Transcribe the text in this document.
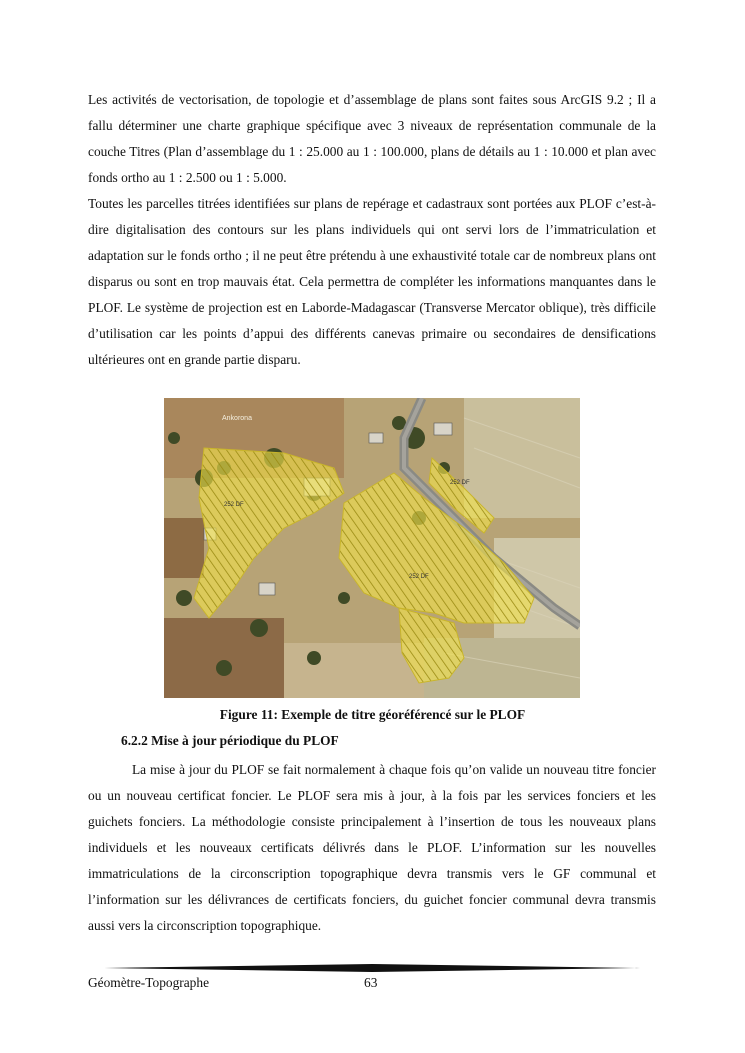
Les activités de vectorisation, de topologie et d’assemblage de plans sont faites sous ArcGIS 9.2 ; Il a fallu déterminer une charte graphique spécifique avec 3 niveaux de représentation communale de la couche Titres (Plan d’assemblage du 1 : 25.000 au 1 : 100.000, plans de détails au 1 : 10.000 et plan avec fonds ortho au 1 : 2.500 ou 1 : 5.000.

Toutes les parcelles titrées identifiées sur plans de repérage et cadastraux sont portées aux PLOF c’est-à-dire digitalisation des contours sur les plans individuels qui ont servi lors de l’immatriculation et adaptation sur le fonds ortho ; il ne peut être prétendu à une exhaustivité totale car de nombreux plans ont disparus ou sont en trop mauvais état. Cela permettra de compléter les informations manquantes dans le PLOF. Le système de projection est en Laborde-Madagascar (Transverse Mercator oblique), très difficile d’utilisation car les points d’appui des différents canevas primaire ou secondaires de densifications ultérieures ont en grande partie disparu.

Ankorona
252 DF
252 DF
252 DF
Figure 11: Exemple de titre géoréférencé sur le PLOF
6.2.2 Mise à jour périodique du PLOF

La mise à jour du PLOF se fait normalement à chaque fois qu’on valide un nouveau titre foncier ou un nouveau certificat foncier. Le PLOF sera mis à jour, à la fois par les services fonciers et les guichets fonciers. La méthodologie consiste principalement à l’insertion de tous les nouveaux plans individuels et les nouveaux certificats délivrés dans le PLOF. L’information sur les nouvelles immatriculations de la circonscription topographique devra transmis vers le GF communal et l’information sur les délivrances de certificats fonciers, du guichet foncier communal devra transmis aussi vers la circonscription topographique.

Géomètre-Topographe	63
